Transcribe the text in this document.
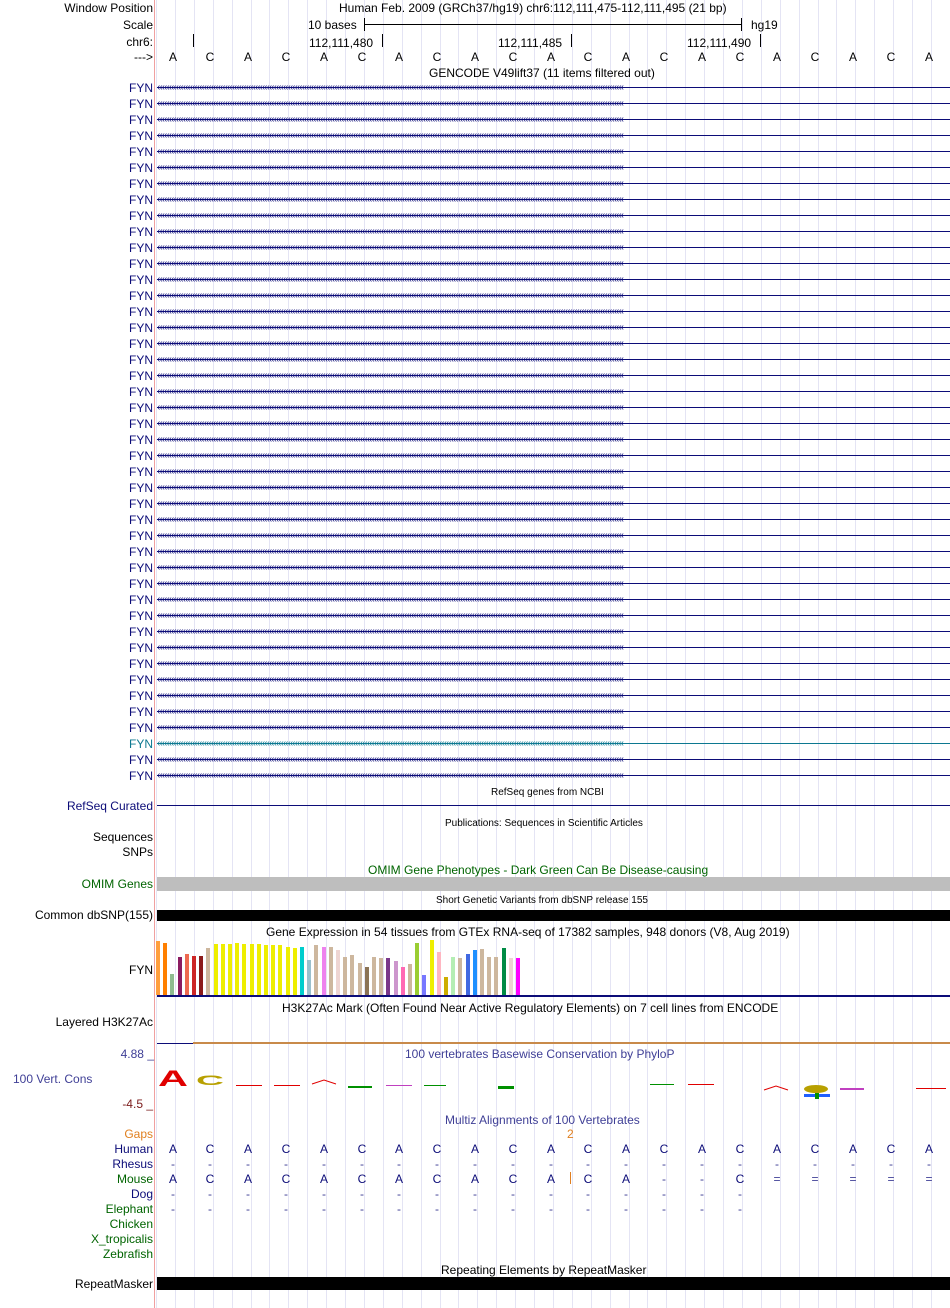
Window Position
Scale
chr6:
--->
Human Feb. 2009 (GRCh37/hg19) chr6:112,111,475-112,111,495 (21 bp)
10 bases	hg19
112,111,480	112,111,485	112,111,490
A C A C A C A C A C A C A C A C A C A C A
GENCODE V49lift37 (11 items filtered out)
FYN ‹‹‹‹‹‹‹‹‹‹‹‹‹‹‹‹‹‹‹‹‹‹‹‹‹‹‹‹‹‹‹‹‹‹‹‹‹‹‹‹‹‹‹‹‹‹‹‹‹‹‹‹‹‹‹‹‹‹‹‹‹‹‹‹‹‹‹‹‹‹‹‹‹‹‹‹‹‹‹‹‹‹‹‹‹‹‹‹‹‹‹‹‹‹‹‹‹‹‹‹‹‹‹‹‹‹‹‹‹‹‹‹‹‹‹‹‹‹‹‹‹‹‹‹‹‹‹‹‹‹‹‹‹‹‹‹‹‹‹‹‹‹‹‹‹‹‹‹‹‹‹‹‹‹‹‹‹‹‹‹‹‹‹‹‹‹‹‹‹‹‹‹‹‹‹‹‹‹‹‹‹‹‹‹‹‹‹‹‹‹‹‹‹‹‹‹‹‹‹‹
FYN ‹‹‹‹‹‹‹‹‹‹‹‹‹‹‹‹‹‹‹‹‹‹‹‹‹‹‹‹‹‹‹‹‹‹‹‹‹‹‹‹‹‹‹‹‹‹‹‹‹‹‹‹‹‹‹‹‹‹‹‹‹‹‹‹‹‹‹‹‹‹‹‹‹‹‹‹‹‹‹‹‹‹‹‹‹‹‹‹‹‹‹‹‹‹‹‹‹‹‹‹‹‹‹‹‹‹‹‹‹‹‹‹‹‹‹‹‹‹‹‹‹‹‹‹‹‹‹‹‹‹‹‹‹‹‹‹‹‹‹‹‹‹‹‹‹‹‹‹‹‹‹‹‹‹‹‹‹‹‹‹‹‹‹‹‹‹‹‹‹‹‹‹‹‹‹‹‹‹‹‹‹‹‹‹‹‹‹‹‹‹‹‹‹‹‹‹‹‹‹‹
FYN ‹‹‹‹‹‹‹‹‹‹‹‹‹‹‹‹‹‹‹‹‹‹‹‹‹‹‹‹‹‹‹‹‹‹‹‹‹‹‹‹‹‹‹‹‹‹‹‹‹‹‹‹‹‹‹‹‹‹‹‹‹‹‹‹‹‹‹‹‹‹‹‹‹‹‹‹‹‹‹‹‹‹‹‹‹‹‹‹‹‹‹‹‹‹‹‹‹‹‹‹‹‹‹‹‹‹‹‹‹‹‹‹‹‹‹‹‹‹‹‹‹‹‹‹‹‹‹‹‹‹‹‹‹‹‹‹‹‹‹‹‹‹‹‹‹‹‹‹‹‹‹‹‹‹‹‹‹‹‹‹‹‹‹‹‹‹‹‹‹‹‹‹‹‹‹‹‹‹‹‹‹‹‹‹‹‹‹‹‹‹‹‹‹‹‹‹‹‹‹‹
FYN ‹‹‹‹‹‹‹‹‹‹‹‹‹‹‹‹‹‹‹‹‹‹‹‹‹‹‹‹‹‹‹‹‹‹‹‹‹‹‹‹‹‹‹‹‹‹‹‹‹‹‹‹‹‹‹‹‹‹‹‹‹‹‹‹‹‹‹‹‹‹‹‹‹‹‹‹‹‹‹‹‹‹‹‹‹‹‹‹‹‹‹‹‹‹‹‹‹‹‹‹‹‹‹‹‹‹‹‹‹‹‹‹‹‹‹‹‹‹‹‹‹‹‹‹‹‹‹‹‹‹‹‹‹‹‹‹‹‹‹‹‹‹‹‹‹‹‹‹‹‹‹‹‹‹‹‹‹‹‹‹‹‹‹‹‹‹‹‹‹‹‹‹‹‹‹‹‹‹‹‹‹‹‹‹‹‹‹‹‹‹‹‹‹‹‹‹‹‹‹‹
FYN ‹‹‹‹‹‹‹‹‹‹‹‹‹‹‹‹‹‹‹‹‹‹‹‹‹‹‹‹‹‹‹‹‹‹‹‹‹‹‹‹‹‹‹‹‹‹‹‹‹‹‹‹‹‹‹‹‹‹‹‹‹‹‹‹‹‹‹‹‹‹‹‹‹‹‹‹‹‹‹‹‹‹‹‹‹‹‹‹‹‹‹‹‹‹‹‹‹‹‹‹‹‹‹‹‹‹‹‹‹‹‹‹‹‹‹‹‹‹‹‹‹‹‹‹‹‹‹‹‹‹‹‹‹‹‹‹‹‹‹‹‹‹‹‹‹‹‹‹‹‹‹‹‹‹‹‹‹‹‹‹‹‹‹‹‹‹‹‹‹‹‹‹‹‹‹‹‹‹‹‹‹‹‹‹‹‹‹‹‹‹‹‹‹‹‹‹‹‹‹‹
FYN ‹‹‹‹‹‹‹‹‹‹‹‹‹‹‹‹‹‹‹‹‹‹‹‹‹‹‹‹‹‹‹‹‹‹‹‹‹‹‹‹‹‹‹‹‹‹‹‹‹‹‹‹‹‹‹‹‹‹‹‹‹‹‹‹‹‹‹‹‹‹‹‹‹‹‹‹‹‹‹‹‹‹‹‹‹‹‹‹‹‹‹‹‹‹‹‹‹‹‹‹‹‹‹‹‹‹‹‹‹‹‹‹‹‹‹‹‹‹‹‹‹‹‹‹‹‹‹‹‹‹‹‹‹‹‹‹‹‹‹‹‹‹‹‹‹‹‹‹‹‹‹‹‹‹‹‹‹‹‹‹‹‹‹‹‹‹‹‹‹‹‹‹‹‹‹‹‹‹‹‹‹‹‹‹‹‹‹‹‹‹‹‹‹‹‹‹‹‹‹‹
FYN ‹‹‹‹‹‹‹‹‹‹‹‹‹‹‹‹‹‹‹‹‹‹‹‹‹‹‹‹‹‹‹‹‹‹‹‹‹‹‹‹‹‹‹‹‹‹‹‹‹‹‹‹‹‹‹‹‹‹‹‹‹‹‹‹‹‹‹‹‹‹‹‹‹‹‹‹‹‹‹‹‹‹‹‹‹‹‹‹‹‹‹‹‹‹‹‹‹‹‹‹‹‹‹‹‹‹‹‹‹‹‹‹‹‹‹‹‹‹‹‹‹‹‹‹‹‹‹‹‹‹‹‹‹‹‹‹‹‹‹‹‹‹‹‹‹‹‹‹‹‹‹‹‹‹‹‹‹‹‹‹‹‹‹‹‹‹‹‹‹‹‹‹‹‹‹‹‹‹‹‹‹‹‹‹‹‹‹‹‹‹‹‹‹‹‹‹‹‹‹‹
FYN ‹‹‹‹‹‹‹‹‹‹‹‹‹‹‹‹‹‹‹‹‹‹‹‹‹‹‹‹‹‹‹‹‹‹‹‹‹‹‹‹‹‹‹‹‹‹‹‹‹‹‹‹‹‹‹‹‹‹‹‹‹‹‹‹‹‹‹‹‹‹‹‹‹‹‹‹‹‹‹‹‹‹‹‹‹‹‹‹‹‹‹‹‹‹‹‹‹‹‹‹‹‹‹‹‹‹‹‹‹‹‹‹‹‹‹‹‹‹‹‹‹‹‹‹‹‹‹‹‹‹‹‹‹‹‹‹‹‹‹‹‹‹‹‹‹‹‹‹‹‹‹‹‹‹‹‹‹‹‹‹‹‹‹‹‹‹‹‹‹‹‹‹‹‹‹‹‹‹‹‹‹‹‹‹‹‹‹‹‹‹‹‹‹‹‹‹‹‹‹‹
FYN ‹‹‹‹‹‹‹‹‹‹‹‹‹‹‹‹‹‹‹‹‹‹‹‹‹‹‹‹‹‹‹‹‹‹‹‹‹‹‹‹‹‹‹‹‹‹‹‹‹‹‹‹‹‹‹‹‹‹‹‹‹‹‹‹‹‹‹‹‹‹‹‹‹‹‹‹‹‹‹‹‹‹‹‹‹‹‹‹‹‹‹‹‹‹‹‹‹‹‹‹‹‹‹‹‹‹‹‹‹‹‹‹‹‹‹‹‹‹‹‹‹‹‹‹‹‹‹‹‹‹‹‹‹‹‹‹‹‹‹‹‹‹‹‹‹‹‹‹‹‹‹‹‹‹‹‹‹‹‹‹‹‹‹‹‹‹‹‹‹‹‹‹‹‹‹‹‹‹‹‹‹‹‹‹‹‹‹‹‹‹‹‹‹‹‹‹‹‹‹‹
FYN ‹‹‹‹‹‹‹‹‹‹‹‹‹‹‹‹‹‹‹‹‹‹‹‹‹‹‹‹‹‹‹‹‹‹‹‹‹‹‹‹‹‹‹‹‹‹‹‹‹‹‹‹‹‹‹‹‹‹‹‹‹‹‹‹‹‹‹‹‹‹‹‹‹‹‹‹‹‹‹‹‹‹‹‹‹‹‹‹‹‹‹‹‹‹‹‹‹‹‹‹‹‹‹‹‹‹‹‹‹‹‹‹‹‹‹‹‹‹‹‹‹‹‹‹‹‹‹‹‹‹‹‹‹‹‹‹‹‹‹‹‹‹‹‹‹‹‹‹‹‹‹‹‹‹‹‹‹‹‹‹‹‹‹‹‹‹‹‹‹‹‹‹‹‹‹‹‹‹‹‹‹‹‹‹‹‹‹‹‹‹‹‹‹‹‹‹‹‹‹‹
FYN ‹‹‹‹‹‹‹‹‹‹‹‹‹‹‹‹‹‹‹‹‹‹‹‹‹‹‹‹‹‹‹‹‹‹‹‹‹‹‹‹‹‹‹‹‹‹‹‹‹‹‹‹‹‹‹‹‹‹‹‹‹‹‹‹‹‹‹‹‹‹‹‹‹‹‹‹‹‹‹‹‹‹‹‹‹‹‹‹‹‹‹‹‹‹‹‹‹‹‹‹‹‹‹‹‹‹‹‹‹‹‹‹‹‹‹‹‹‹‹‹‹‹‹‹‹‹‹‹‹‹‹‹‹‹‹‹‹‹‹‹‹‹‹‹‹‹‹‹‹‹‹‹‹‹‹‹‹‹‹‹‹‹‹‹‹‹‹‹‹‹‹‹‹‹‹‹‹‹‹‹‹‹‹‹‹‹‹‹‹‹‹‹‹‹‹‹‹‹‹‹
FYN ‹‹‹‹‹‹‹‹‹‹‹‹‹‹‹‹‹‹‹‹‹‹‹‹‹‹‹‹‹‹‹‹‹‹‹‹‹‹‹‹‹‹‹‹‹‹‹‹‹‹‹‹‹‹‹‹‹‹‹‹‹‹‹‹‹‹‹‹‹‹‹‹‹‹‹‹‹‹‹‹‹‹‹‹‹‹‹‹‹‹‹‹‹‹‹‹‹‹‹‹‹‹‹‹‹‹‹‹‹‹‹‹‹‹‹‹‹‹‹‹‹‹‹‹‹‹‹‹‹‹‹‹‹‹‹‹‹‹‹‹‹‹‹‹‹‹‹‹‹‹‹‹‹‹‹‹‹‹‹‹‹‹‹‹‹‹‹‹‹‹‹‹‹‹‹‹‹‹‹‹‹‹‹‹‹‹‹‹‹‹‹‹‹‹‹‹‹‹‹‹
FYN ‹‹‹‹‹‹‹‹‹‹‹‹‹‹‹‹‹‹‹‹‹‹‹‹‹‹‹‹‹‹‹‹‹‹‹‹‹‹‹‹‹‹‹‹‹‹‹‹‹‹‹‹‹‹‹‹‹‹‹‹‹‹‹‹‹‹‹‹‹‹‹‹‹‹‹‹‹‹‹‹‹‹‹‹‹‹‹‹‹‹‹‹‹‹‹‹‹‹‹‹‹‹‹‹‹‹‹‹‹‹‹‹‹‹‹‹‹‹‹‹‹‹‹‹‹‹‹‹‹‹‹‹‹‹‹‹‹‹‹‹‹‹‹‹‹‹‹‹‹‹‹‹‹‹‹‹‹‹‹‹‹‹‹‹‹‹‹‹‹‹‹‹‹‹‹‹‹‹‹‹‹‹‹‹‹‹‹‹‹‹‹‹‹‹‹‹‹‹‹‹
FYN ‹‹‹‹‹‹‹‹‹‹‹‹‹‹‹‹‹‹‹‹‹‹‹‹‹‹‹‹‹‹‹‹‹‹‹‹‹‹‹‹‹‹‹‹‹‹‹‹‹‹‹‹‹‹‹‹‹‹‹‹‹‹‹‹‹‹‹‹‹‹‹‹‹‹‹‹‹‹‹‹‹‹‹‹‹‹‹‹‹‹‹‹‹‹‹‹‹‹‹‹‹‹‹‹‹‹‹‹‹‹‹‹‹‹‹‹‹‹‹‹‹‹‹‹‹‹‹‹‹‹‹‹‹‹‹‹‹‹‹‹‹‹‹‹‹‹‹‹‹‹‹‹‹‹‹‹‹‹‹‹‹‹‹‹‹‹‹‹‹‹‹‹‹‹‹‹‹‹‹‹‹‹‹‹‹‹‹‹‹‹‹‹‹‹‹‹‹‹‹‹
FYN ‹‹‹‹‹‹‹‹‹‹‹‹‹‹‹‹‹‹‹‹‹‹‹‹‹‹‹‹‹‹‹‹‹‹‹‹‹‹‹‹‹‹‹‹‹‹‹‹‹‹‹‹‹‹‹‹‹‹‹‹‹‹‹‹‹‹‹‹‹‹‹‹‹‹‹‹‹‹‹‹‹‹‹‹‹‹‹‹‹‹‹‹‹‹‹‹‹‹‹‹‹‹‹‹‹‹‹‹‹‹‹‹‹‹‹‹‹‹‹‹‹‹‹‹‹‹‹‹‹‹‹‹‹‹‹‹‹‹‹‹‹‹‹‹‹‹‹‹‹‹‹‹‹‹‹‹‹‹‹‹‹‹‹‹‹‹‹‹‹‹‹‹‹‹‹‹‹‹‹‹‹‹‹‹‹‹‹‹‹‹‹‹‹‹‹‹‹‹‹‹
FYN ‹‹‹‹‹‹‹‹‹‹‹‹‹‹‹‹‹‹‹‹‹‹‹‹‹‹‹‹‹‹‹‹‹‹‹‹‹‹‹‹‹‹‹‹‹‹‹‹‹‹‹‹‹‹‹‹‹‹‹‹‹‹‹‹‹‹‹‹‹‹‹‹‹‹‹‹‹‹‹‹‹‹‹‹‹‹‹‹‹‹‹‹‹‹‹‹‹‹‹‹‹‹‹‹‹‹‹‹‹‹‹‹‹‹‹‹‹‹‹‹‹‹‹‹‹‹‹‹‹‹‹‹‹‹‹‹‹‹‹‹‹‹‹‹‹‹‹‹‹‹‹‹‹‹‹‹‹‹‹‹‹‹‹‹‹‹‹‹‹‹‹‹‹‹‹‹‹‹‹‹‹‹‹‹‹‹‹‹‹‹‹‹‹‹‹‹‹‹‹‹
FYN ‹‹‹‹‹‹‹‹‹‹‹‹‹‹‹‹‹‹‹‹‹‹‹‹‹‹‹‹‹‹‹‹‹‹‹‹‹‹‹‹‹‹‹‹‹‹‹‹‹‹‹‹‹‹‹‹‹‹‹‹‹‹‹‹‹‹‹‹‹‹‹‹‹‹‹‹‹‹‹‹‹‹‹‹‹‹‹‹‹‹‹‹‹‹‹‹‹‹‹‹‹‹‹‹‹‹‹‹‹‹‹‹‹‹‹‹‹‹‹‹‹‹‹‹‹‹‹‹‹‹‹‹‹‹‹‹‹‹‹‹‹‹‹‹‹‹‹‹‹‹‹‹‹‹‹‹‹‹‹‹‹‹‹‹‹‹‹‹‹‹‹‹‹‹‹‹‹‹‹‹‹‹‹‹‹‹‹‹‹‹‹‹‹‹‹‹‹‹‹‹
FYN ‹‹‹‹‹‹‹‹‹‹‹‹‹‹‹‹‹‹‹‹‹‹‹‹‹‹‹‹‹‹‹‹‹‹‹‹‹‹‹‹‹‹‹‹‹‹‹‹‹‹‹‹‹‹‹‹‹‹‹‹‹‹‹‹‹‹‹‹‹‹‹‹‹‹‹‹‹‹‹‹‹‹‹‹‹‹‹‹‹‹‹‹‹‹‹‹‹‹‹‹‹‹‹‹‹‹‹‹‹‹‹‹‹‹‹‹‹‹‹‹‹‹‹‹‹‹‹‹‹‹‹‹‹‹‹‹‹‹‹‹‹‹‹‹‹‹‹‹‹‹‹‹‹‹‹‹‹‹‹‹‹‹‹‹‹‹‹‹‹‹‹‹‹‹‹‹‹‹‹‹‹‹‹‹‹‹‹‹‹‹‹‹‹‹‹‹‹‹‹‹
FYN ‹‹‹‹‹‹‹‹‹‹‹‹‹‹‹‹‹‹‹‹‹‹‹‹‹‹‹‹‹‹‹‹‹‹‹‹‹‹‹‹‹‹‹‹‹‹‹‹‹‹‹‹‹‹‹‹‹‹‹‹‹‹‹‹‹‹‹‹‹‹‹‹‹‹‹‹‹‹‹‹‹‹‹‹‹‹‹‹‹‹‹‹‹‹‹‹‹‹‹‹‹‹‹‹‹‹‹‹‹‹‹‹‹‹‹‹‹‹‹‹‹‹‹‹‹‹‹‹‹‹‹‹‹‹‹‹‹‹‹‹‹‹‹‹‹‹‹‹‹‹‹‹‹‹‹‹‹‹‹‹‹‹‹‹‹‹‹‹‹‹‹‹‹‹‹‹‹‹‹‹‹‹‹‹‹‹‹‹‹‹‹‹‹‹‹‹‹‹‹‹
FYN ‹‹‹‹‹‹‹‹‹‹‹‹‹‹‹‹‹‹‹‹‹‹‹‹‹‹‹‹‹‹‹‹‹‹‹‹‹‹‹‹‹‹‹‹‹‹‹‹‹‹‹‹‹‹‹‹‹‹‹‹‹‹‹‹‹‹‹‹‹‹‹‹‹‹‹‹‹‹‹‹‹‹‹‹‹‹‹‹‹‹‹‹‹‹‹‹‹‹‹‹‹‹‹‹‹‹‹‹‹‹‹‹‹‹‹‹‹‹‹‹‹‹‹‹‹‹‹‹‹‹‹‹‹‹‹‹‹‹‹‹‹‹‹‹‹‹‹‹‹‹‹‹‹‹‹‹‹‹‹‹‹‹‹‹‹‹‹‹‹‹‹‹‹‹‹‹‹‹‹‹‹‹‹‹‹‹‹‹‹‹‹‹‹‹‹‹‹‹‹‹
FYN ‹‹‹‹‹‹‹‹‹‹‹‹‹‹‹‹‹‹‹‹‹‹‹‹‹‹‹‹‹‹‹‹‹‹‹‹‹‹‹‹‹‹‹‹‹‹‹‹‹‹‹‹‹‹‹‹‹‹‹‹‹‹‹‹‹‹‹‹‹‹‹‹‹‹‹‹‹‹‹‹‹‹‹‹‹‹‹‹‹‹‹‹‹‹‹‹‹‹‹‹‹‹‹‹‹‹‹‹‹‹‹‹‹‹‹‹‹‹‹‹‹‹‹‹‹‹‹‹‹‹‹‹‹‹‹‹‹‹‹‹‹‹‹‹‹‹‹‹‹‹‹‹‹‹‹‹‹‹‹‹‹‹‹‹‹‹‹‹‹‹‹‹‹‹‹‹‹‹‹‹‹‹‹‹‹‹‹‹‹‹‹‹‹‹‹‹‹‹‹‹
FYN ‹‹‹‹‹‹‹‹‹‹‹‹‹‹‹‹‹‹‹‹‹‹‹‹‹‹‹‹‹‹‹‹‹‹‹‹‹‹‹‹‹‹‹‹‹‹‹‹‹‹‹‹‹‹‹‹‹‹‹‹‹‹‹‹‹‹‹‹‹‹‹‹‹‹‹‹‹‹‹‹‹‹‹‹‹‹‹‹‹‹‹‹‹‹‹‹‹‹‹‹‹‹‹‹‹‹‹‹‹‹‹‹‹‹‹‹‹‹‹‹‹‹‹‹‹‹‹‹‹‹‹‹‹‹‹‹‹‹‹‹‹‹‹‹‹‹‹‹‹‹‹‹‹‹‹‹‹‹‹‹‹‹‹‹‹‹‹‹‹‹‹‹‹‹‹‹‹‹‹‹‹‹‹‹‹‹‹‹‹‹‹‹‹‹‹‹‹‹‹‹
FYN ‹‹‹‹‹‹‹‹‹‹‹‹‹‹‹‹‹‹‹‹‹‹‹‹‹‹‹‹‹‹‹‹‹‹‹‹‹‹‹‹‹‹‹‹‹‹‹‹‹‹‹‹‹‹‹‹‹‹‹‹‹‹‹‹‹‹‹‹‹‹‹‹‹‹‹‹‹‹‹‹‹‹‹‹‹‹‹‹‹‹‹‹‹‹‹‹‹‹‹‹‹‹‹‹‹‹‹‹‹‹‹‹‹‹‹‹‹‹‹‹‹‹‹‹‹‹‹‹‹‹‹‹‹‹‹‹‹‹‹‹‹‹‹‹‹‹‹‹‹‹‹‹‹‹‹‹‹‹‹‹‹‹‹‹‹‹‹‹‹‹‹‹‹‹‹‹‹‹‹‹‹‹‹‹‹‹‹‹‹‹‹‹‹‹‹‹‹‹‹‹
FYN ‹‹‹‹‹‹‹‹‹‹‹‹‹‹‹‹‹‹‹‹‹‹‹‹‹‹‹‹‹‹‹‹‹‹‹‹‹‹‹‹‹‹‹‹‹‹‹‹‹‹‹‹‹‹‹‹‹‹‹‹‹‹‹‹‹‹‹‹‹‹‹‹‹‹‹‹‹‹‹‹‹‹‹‹‹‹‹‹‹‹‹‹‹‹‹‹‹‹‹‹‹‹‹‹‹‹‹‹‹‹‹‹‹‹‹‹‹‹‹‹‹‹‹‹‹‹‹‹‹‹‹‹‹‹‹‹‹‹‹‹‹‹‹‹‹‹‹‹‹‹‹‹‹‹‹‹‹‹‹‹‹‹‹‹‹‹‹‹‹‹‹‹‹‹‹‹‹‹‹‹‹‹‹‹‹‹‹‹‹‹‹‹‹‹‹‹‹‹‹‹
FYN ‹‹‹‹‹‹‹‹‹‹‹‹‹‹‹‹‹‹‹‹‹‹‹‹‹‹‹‹‹‹‹‹‹‹‹‹‹‹‹‹‹‹‹‹‹‹‹‹‹‹‹‹‹‹‹‹‹‹‹‹‹‹‹‹‹‹‹‹‹‹‹‹‹‹‹‹‹‹‹‹‹‹‹‹‹‹‹‹‹‹‹‹‹‹‹‹‹‹‹‹‹‹‹‹‹‹‹‹‹‹‹‹‹‹‹‹‹‹‹‹‹‹‹‹‹‹‹‹‹‹‹‹‹‹‹‹‹‹‹‹‹‹‹‹‹‹‹‹‹‹‹‹‹‹‹‹‹‹‹‹‹‹‹‹‹‹‹‹‹‹‹‹‹‹‹‹‹‹‹‹‹‹‹‹‹‹‹‹‹‹‹‹‹‹‹‹‹‹‹‹
FYN ‹‹‹‹‹‹‹‹‹‹‹‹‹‹‹‹‹‹‹‹‹‹‹‹‹‹‹‹‹‹‹‹‹‹‹‹‹‹‹‹‹‹‹‹‹‹‹‹‹‹‹‹‹‹‹‹‹‹‹‹‹‹‹‹‹‹‹‹‹‹‹‹‹‹‹‹‹‹‹‹‹‹‹‹‹‹‹‹‹‹‹‹‹‹‹‹‹‹‹‹‹‹‹‹‹‹‹‹‹‹‹‹‹‹‹‹‹‹‹‹‹‹‹‹‹‹‹‹‹‹‹‹‹‹‹‹‹‹‹‹‹‹‹‹‹‹‹‹‹‹‹‹‹‹‹‹‹‹‹‹‹‹‹‹‹‹‹‹‹‹‹‹‹‹‹‹‹‹‹‹‹‹‹‹‹‹‹‹‹‹‹‹‹‹‹‹‹‹‹‹
FYN ‹‹‹‹‹‹‹‹‹‹‹‹‹‹‹‹‹‹‹‹‹‹‹‹‹‹‹‹‹‹‹‹‹‹‹‹‹‹‹‹‹‹‹‹‹‹‹‹‹‹‹‹‹‹‹‹‹‹‹‹‹‹‹‹‹‹‹‹‹‹‹‹‹‹‹‹‹‹‹‹‹‹‹‹‹‹‹‹‹‹‹‹‹‹‹‹‹‹‹‹‹‹‹‹‹‹‹‹‹‹‹‹‹‹‹‹‹‹‹‹‹‹‹‹‹‹‹‹‹‹‹‹‹‹‹‹‹‹‹‹‹‹‹‹‹‹‹‹‹‹‹‹‹‹‹‹‹‹‹‹‹‹‹‹‹‹‹‹‹‹‹‹‹‹‹‹‹‹‹‹‹‹‹‹‹‹‹‹‹‹‹‹‹‹‹‹‹‹‹‹
FYN ‹‹‹‹‹‹‹‹‹‹‹‹‹‹‹‹‹‹‹‹‹‹‹‹‹‹‹‹‹‹‹‹‹‹‹‹‹‹‹‹‹‹‹‹‹‹‹‹‹‹‹‹‹‹‹‹‹‹‹‹‹‹‹‹‹‹‹‹‹‹‹‹‹‹‹‹‹‹‹‹‹‹‹‹‹‹‹‹‹‹‹‹‹‹‹‹‹‹‹‹‹‹‹‹‹‹‹‹‹‹‹‹‹‹‹‹‹‹‹‹‹‹‹‹‹‹‹‹‹‹‹‹‹‹‹‹‹‹‹‹‹‹‹‹‹‹‹‹‹‹‹‹‹‹‹‹‹‹‹‹‹‹‹‹‹‹‹‹‹‹‹‹‹‹‹‹‹‹‹‹‹‹‹‹‹‹‹‹‹‹‹‹‹‹‹‹‹‹‹‹
FYN ‹‹‹‹‹‹‹‹‹‹‹‹‹‹‹‹‹‹‹‹‹‹‹‹‹‹‹‹‹‹‹‹‹‹‹‹‹‹‹‹‹‹‹‹‹‹‹‹‹‹‹‹‹‹‹‹‹‹‹‹‹‹‹‹‹‹‹‹‹‹‹‹‹‹‹‹‹‹‹‹‹‹‹‹‹‹‹‹‹‹‹‹‹‹‹‹‹‹‹‹‹‹‹‹‹‹‹‹‹‹‹‹‹‹‹‹‹‹‹‹‹‹‹‹‹‹‹‹‹‹‹‹‹‹‹‹‹‹‹‹‹‹‹‹‹‹‹‹‹‹‹‹‹‹‹‹‹‹‹‹‹‹‹‹‹‹‹‹‹‹‹‹‹‹‹‹‹‹‹‹‹‹‹‹‹‹‹‹‹‹‹‹‹‹‹‹‹‹‹‹
FYN ‹‹‹‹‹‹‹‹‹‹‹‹‹‹‹‹‹‹‹‹‹‹‹‹‹‹‹‹‹‹‹‹‹‹‹‹‹‹‹‹‹‹‹‹‹‹‹‹‹‹‹‹‹‹‹‹‹‹‹‹‹‹‹‹‹‹‹‹‹‹‹‹‹‹‹‹‹‹‹‹‹‹‹‹‹‹‹‹‹‹‹‹‹‹‹‹‹‹‹‹‹‹‹‹‹‹‹‹‹‹‹‹‹‹‹‹‹‹‹‹‹‹‹‹‹‹‹‹‹‹‹‹‹‹‹‹‹‹‹‹‹‹‹‹‹‹‹‹‹‹‹‹‹‹‹‹‹‹‹‹‹‹‹‹‹‹‹‹‹‹‹‹‹‹‹‹‹‹‹‹‹‹‹‹‹‹‹‹‹‹‹‹‹‹‹‹‹‹‹‹
FYN ‹‹‹‹‹‹‹‹‹‹‹‹‹‹‹‹‹‹‹‹‹‹‹‹‹‹‹‹‹‹‹‹‹‹‹‹‹‹‹‹‹‹‹‹‹‹‹‹‹‹‹‹‹‹‹‹‹‹‹‹‹‹‹‹‹‹‹‹‹‹‹‹‹‹‹‹‹‹‹‹‹‹‹‹‹‹‹‹‹‹‹‹‹‹‹‹‹‹‹‹‹‹‹‹‹‹‹‹‹‹‹‹‹‹‹‹‹‹‹‹‹‹‹‹‹‹‹‹‹‹‹‹‹‹‹‹‹‹‹‹‹‹‹‹‹‹‹‹‹‹‹‹‹‹‹‹‹‹‹‹‹‹‹‹‹‹‹‹‹‹‹‹‹‹‹‹‹‹‹‹‹‹‹‹‹‹‹‹‹‹‹‹‹‹‹‹‹‹‹‹
FYN ‹‹‹‹‹‹‹‹‹‹‹‹‹‹‹‹‹‹‹‹‹‹‹‹‹‹‹‹‹‹‹‹‹‹‹‹‹‹‹‹‹‹‹‹‹‹‹‹‹‹‹‹‹‹‹‹‹‹‹‹‹‹‹‹‹‹‹‹‹‹‹‹‹‹‹‹‹‹‹‹‹‹‹‹‹‹‹‹‹‹‹‹‹‹‹‹‹‹‹‹‹‹‹‹‹‹‹‹‹‹‹‹‹‹‹‹‹‹‹‹‹‹‹‹‹‹‹‹‹‹‹‹‹‹‹‹‹‹‹‹‹‹‹‹‹‹‹‹‹‹‹‹‹‹‹‹‹‹‹‹‹‹‹‹‹‹‹‹‹‹‹‹‹‹‹‹‹‹‹‹‹‹‹‹‹‹‹‹‹‹‹‹‹‹‹‹‹‹‹‹
FYN ‹‹‹‹‹‹‹‹‹‹‹‹‹‹‹‹‹‹‹‹‹‹‹‹‹‹‹‹‹‹‹‹‹‹‹‹‹‹‹‹‹‹‹‹‹‹‹‹‹‹‹‹‹‹‹‹‹‹‹‹‹‹‹‹‹‹‹‹‹‹‹‹‹‹‹‹‹‹‹‹‹‹‹‹‹‹‹‹‹‹‹‹‹‹‹‹‹‹‹‹‹‹‹‹‹‹‹‹‹‹‹‹‹‹‹‹‹‹‹‹‹‹‹‹‹‹‹‹‹‹‹‹‹‹‹‹‹‹‹‹‹‹‹‹‹‹‹‹‹‹‹‹‹‹‹‹‹‹‹‹‹‹‹‹‹‹‹‹‹‹‹‹‹‹‹‹‹‹‹‹‹‹‹‹‹‹‹‹‹‹‹‹‹‹‹‹‹‹‹‹
FYN ‹‹‹‹‹‹‹‹‹‹‹‹‹‹‹‹‹‹‹‹‹‹‹‹‹‹‹‹‹‹‹‹‹‹‹‹‹‹‹‹‹‹‹‹‹‹‹‹‹‹‹‹‹‹‹‹‹‹‹‹‹‹‹‹‹‹‹‹‹‹‹‹‹‹‹‹‹‹‹‹‹‹‹‹‹‹‹‹‹‹‹‹‹‹‹‹‹‹‹‹‹‹‹‹‹‹‹‹‹‹‹‹‹‹‹‹‹‹‹‹‹‹‹‹‹‹‹‹‹‹‹‹‹‹‹‹‹‹‹‹‹‹‹‹‹‹‹‹‹‹‹‹‹‹‹‹‹‹‹‹‹‹‹‹‹‹‹‹‹‹‹‹‹‹‹‹‹‹‹‹‹‹‹‹‹‹‹‹‹‹‹‹‹‹‹‹‹‹‹‹
FYN ‹‹‹‹‹‹‹‹‹‹‹‹‹‹‹‹‹‹‹‹‹‹‹‹‹‹‹‹‹‹‹‹‹‹‹‹‹‹‹‹‹‹‹‹‹‹‹‹‹‹‹‹‹‹‹‹‹‹‹‹‹‹‹‹‹‹‹‹‹‹‹‹‹‹‹‹‹‹‹‹‹‹‹‹‹‹‹‹‹‹‹‹‹‹‹‹‹‹‹‹‹‹‹‹‹‹‹‹‹‹‹‹‹‹‹‹‹‹‹‹‹‹‹‹‹‹‹‹‹‹‹‹‹‹‹‹‹‹‹‹‹‹‹‹‹‹‹‹‹‹‹‹‹‹‹‹‹‹‹‹‹‹‹‹‹‹‹‹‹‹‹‹‹‹‹‹‹‹‹‹‹‹‹‹‹‹‹‹‹‹‹‹‹‹‹‹‹‹‹‹
FYN ‹‹‹‹‹‹‹‹‹‹‹‹‹‹‹‹‹‹‹‹‹‹‹‹‹‹‹‹‹‹‹‹‹‹‹‹‹‹‹‹‹‹‹‹‹‹‹‹‹‹‹‹‹‹‹‹‹‹‹‹‹‹‹‹‹‹‹‹‹‹‹‹‹‹‹‹‹‹‹‹‹‹‹‹‹‹‹‹‹‹‹‹‹‹‹‹‹‹‹‹‹‹‹‹‹‹‹‹‹‹‹‹‹‹‹‹‹‹‹‹‹‹‹‹‹‹‹‹‹‹‹‹‹‹‹‹‹‹‹‹‹‹‹‹‹‹‹‹‹‹‹‹‹‹‹‹‹‹‹‹‹‹‹‹‹‹‹‹‹‹‹‹‹‹‹‹‹‹‹‹‹‹‹‹‹‹‹‹‹‹‹‹‹‹‹‹‹‹‹‹
FYN ‹‹‹‹‹‹‹‹‹‹‹‹‹‹‹‹‹‹‹‹‹‹‹‹‹‹‹‹‹‹‹‹‹‹‹‹‹‹‹‹‹‹‹‹‹‹‹‹‹‹‹‹‹‹‹‹‹‹‹‹‹‹‹‹‹‹‹‹‹‹‹‹‹‹‹‹‹‹‹‹‹‹‹‹‹‹‹‹‹‹‹‹‹‹‹‹‹‹‹‹‹‹‹‹‹‹‹‹‹‹‹‹‹‹‹‹‹‹‹‹‹‹‹‹‹‹‹‹‹‹‹‹‹‹‹‹‹‹‹‹‹‹‹‹‹‹‹‹‹‹‹‹‹‹‹‹‹‹‹‹‹‹‹‹‹‹‹‹‹‹‹‹‹‹‹‹‹‹‹‹‹‹‹‹‹‹‹‹‹‹‹‹‹‹‹‹‹‹‹‹
FYN ‹‹‹‹‹‹‹‹‹‹‹‹‹‹‹‹‹‹‹‹‹‹‹‹‹‹‹‹‹‹‹‹‹‹‹‹‹‹‹‹‹‹‹‹‹‹‹‹‹‹‹‹‹‹‹‹‹‹‹‹‹‹‹‹‹‹‹‹‹‹‹‹‹‹‹‹‹‹‹‹‹‹‹‹‹‹‹‹‹‹‹‹‹‹‹‹‹‹‹‹‹‹‹‹‹‹‹‹‹‹‹‹‹‹‹‹‹‹‹‹‹‹‹‹‹‹‹‹‹‹‹‹‹‹‹‹‹‹‹‹‹‹‹‹‹‹‹‹‹‹‹‹‹‹‹‹‹‹‹‹‹‹‹‹‹‹‹‹‹‹‹‹‹‹‹‹‹‹‹‹‹‹‹‹‹‹‹‹‹‹‹‹‹‹‹‹‹‹‹‹
FYN ‹‹‹‹‹‹‹‹‹‹‹‹‹‹‹‹‹‹‹‹‹‹‹‹‹‹‹‹‹‹‹‹‹‹‹‹‹‹‹‹‹‹‹‹‹‹‹‹‹‹‹‹‹‹‹‹‹‹‹‹‹‹‹‹‹‹‹‹‹‹‹‹‹‹‹‹‹‹‹‹‹‹‹‹‹‹‹‹‹‹‹‹‹‹‹‹‹‹‹‹‹‹‹‹‹‹‹‹‹‹‹‹‹‹‹‹‹‹‹‹‹‹‹‹‹‹‹‹‹‹‹‹‹‹‹‹‹‹‹‹‹‹‹‹‹‹‹‹‹‹‹‹‹‹‹‹‹‹‹‹‹‹‹‹‹‹‹‹‹‹‹‹‹‹‹‹‹‹‹‹‹‹‹‹‹‹‹‹‹‹‹‹‹‹‹‹‹‹‹‹
FYN ‹‹‹‹‹‹‹‹‹‹‹‹‹‹‹‹‹‹‹‹‹‹‹‹‹‹‹‹‹‹‹‹‹‹‹‹‹‹‹‹‹‹‹‹‹‹‹‹‹‹‹‹‹‹‹‹‹‹‹‹‹‹‹‹‹‹‹‹‹‹‹‹‹‹‹‹‹‹‹‹‹‹‹‹‹‹‹‹‹‹‹‹‹‹‹‹‹‹‹‹‹‹‹‹‹‹‹‹‹‹‹‹‹‹‹‹‹‹‹‹‹‹‹‹‹‹‹‹‹‹‹‹‹‹‹‹‹‹‹‹‹‹‹‹‹‹‹‹‹‹‹‹‹‹‹‹‹‹‹‹‹‹‹‹‹‹‹‹‹‹‹‹‹‹‹‹‹‹‹‹‹‹‹‹‹‹‹‹‹‹‹‹‹‹‹‹‹‹‹‹
FYN ‹‹‹‹‹‹‹‹‹‹‹‹‹‹‹‹‹‹‹‹‹‹‹‹‹‹‹‹‹‹‹‹‹‹‹‹‹‹‹‹‹‹‹‹‹‹‹‹‹‹‹‹‹‹‹‹‹‹‹‹‹‹‹‹‹‹‹‹‹‹‹‹‹‹‹‹‹‹‹‹‹‹‹‹‹‹‹‹‹‹‹‹‹‹‹‹‹‹‹‹‹‹‹‹‹‹‹‹‹‹‹‹‹‹‹‹‹‹‹‹‹‹‹‹‹‹‹‹‹‹‹‹‹‹‹‹‹‹‹‹‹‹‹‹‹‹‹‹‹‹‹‹‹‹‹‹‹‹‹‹‹‹‹‹‹‹‹‹‹‹‹‹‹‹‹‹‹‹‹‹‹‹‹‹‹‹‹‹‹‹‹‹‹‹‹‹‹‹‹‹
FYN ‹‹‹‹‹‹‹‹‹‹‹‹‹‹‹‹‹‹‹‹‹‹‹‹‹‹‹‹‹‹‹‹‹‹‹‹‹‹‹‹‹‹‹‹‹‹‹‹‹‹‹‹‹‹‹‹‹‹‹‹‹‹‹‹‹‹‹‹‹‹‹‹‹‹‹‹‹‹‹‹‹‹‹‹‹‹‹‹‹‹‹‹‹‹‹‹‹‹‹‹‹‹‹‹‹‹‹‹‹‹‹‹‹‹‹‹‹‹‹‹‹‹‹‹‹‹‹‹‹‹‹‹‹‹‹‹‹‹‹‹‹‹‹‹‹‹‹‹‹‹‹‹‹‹‹‹‹‹‹‹‹‹‹‹‹‹‹‹‹‹‹‹‹‹‹‹‹‹‹‹‹‹‹‹‹‹‹‹‹‹‹‹‹‹‹‹‹‹‹‹
FYN ‹‹‹‹‹‹‹‹‹‹‹‹‹‹‹‹‹‹‹‹‹‹‹‹‹‹‹‹‹‹‹‹‹‹‹‹‹‹‹‹‹‹‹‹‹‹‹‹‹‹‹‹‹‹‹‹‹‹‹‹‹‹‹‹‹‹‹‹‹‹‹‹‹‹‹‹‹‹‹‹‹‹‹‹‹‹‹‹‹‹‹‹‹‹‹‹‹‹‹‹‹‹‹‹‹‹‹‹‹‹‹‹‹‹‹‹‹‹‹‹‹‹‹‹‹‹‹‹‹‹‹‹‹‹‹‹‹‹‹‹‹‹‹‹‹‹‹‹‹‹‹‹‹‹‹‹‹‹‹‹‹‹‹‹‹‹‹‹‹‹‹‹‹‹‹‹‹‹‹‹‹‹‹‹‹‹‹‹‹‹‹‹‹‹‹‹‹‹‹‹
FYN ‹‹‹‹‹‹‹‹‹‹‹‹‹‹‹‹‹‹‹‹‹‹‹‹‹‹‹‹‹‹‹‹‹‹‹‹‹‹‹‹‹‹‹‹‹‹‹‹‹‹‹‹‹‹‹‹‹‹‹‹‹‹‹‹‹‹‹‹‹‹‹‹‹‹‹‹‹‹‹‹‹‹‹‹‹‹‹‹‹‹‹‹‹‹‹‹‹‹‹‹‹‹‹‹‹‹‹‹‹‹‹‹‹‹‹‹‹‹‹‹‹‹‹‹‹‹‹‹‹‹‹‹‹‹‹‹‹‹‹‹‹‹‹‹‹‹‹‹‹‹‹‹‹‹‹‹‹‹‹‹‹‹‹‹‹‹‹‹‹‹‹‹‹‹‹‹‹‹‹‹‹‹‹‹‹‹‹‹‹‹‹‹‹‹‹‹‹‹‹‹
RefSeq genes from NCBI
RefSeq Curated
Publications: Sequences in Scientific Articles
Sequences
SNPs
OMIM Gene Phenotypes - Dark Green Can Be Disease-causing
OMIM Genes
Short Genetic Variants from dbSNP release 155
Common dbSNP(155)
Gene Expression in 54 tissues from GTEx RNA-seq of 17382 samples, 948 donors (V8, Aug 2019)
FYN
H3K27Ac Mark (Often Found Near Active Regulatory Elements) on 7 cell lines from ENCODE
Layered H3K27Ac
100 vertebrates Basewise Conservation by PhyloP
4.88 _
100 Vert. Cons
-4.5 _
A C
Multiz Alignments of 100 Vertebrates
Gaps	2
Human A C A C A C A C A C A C A C A C A C A C A
Rhesus	-	-	-	-	-	-	-	-	-	-	-	-	-	-	-	-	-	-	-	-	-
Mouse A C A C A C A C A C A C A	-	-	C =	=	=	=	=
Dog	-	-	-	-	-	-	-	-	-	-	-	-	-	-	-	-
Elephant	-	-	-	-	-	-	-	-	-	-	-	-	-	-	-	-
Chicken
X_tropicalis
Zebrafish
Repeating Elements by RepeatMasker
RepeatMasker
